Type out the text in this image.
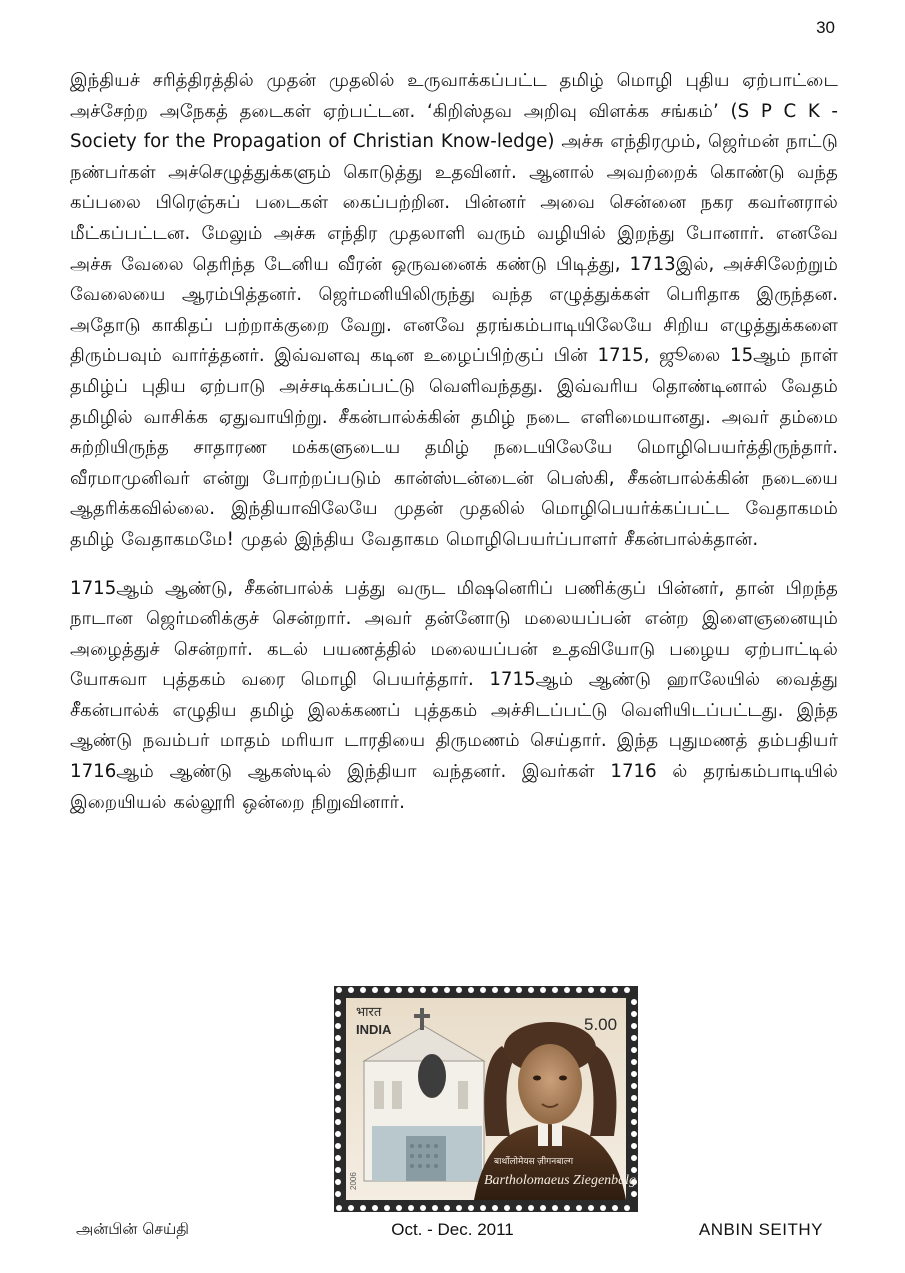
30

இந்தியச் சரித்திரத்தில் முதன் முதலில் உருவாக்கப்பட்ட தமிழ் மொழி புதிய ஏற்பாட்டை அச்சேற்ற அநேகத் தடைகள் ஏற்பட்டன. ‘கிறிஸ்தவ அறிவு விளக்க சங்கம்’ (S P C K - Society for the Propagation of Christian Know-ledge) அச்சு எந்திரமும், ஜெர்மன் நாட்டு நண்பர்கள் அச்செழுத்துக்களும் கொடுத்து உதவினர். ஆனால் அவற்றைக் கொண்டு வந்த கப்பலை பிரெஞ்சுப் படைகள் கைப்பற்றின. பின்னர் அவை சென்னை நகர கவர்னரால் மீட்கப்பட்டன. மேலும் அச்சு எந்திர முதலாளி வரும் வழியில் இறந்து போனார். எனவே அச்சு வேலை தெரிந்த டேனிய வீரன் ஒருவனைக் கண்டு பிடித்து, 1713இல், அச்சிலேற்றும் வேலையை ஆரம்பித்தனர். ஜெர்மனியிலிருந்து வந்த எழுத்துக்கள் பெரிதாக இருந்தன. அதோடு காகிதப் பற்றாக்குறை வேறு. எனவே தரங்கம்பாடியிலேயே சிறிய எழுத்துக்களை திரும்பவும் வார்த்தனர். இவ்வளவு கடின உழைப்பிற்குப் பின் 1715, ஜூலை 15ஆம் நாள் தமிழ்ப் புதிய ஏற்பாடு அச்சடிக்கப்பட்டு வெளிவந்தது. இவ்வரிய தொண்டினால் வேதம் தமிழில் வாசிக்க ஏதுவாயிற்று. சீகன்பால்க்கின் தமிழ் நடை எளிமையானது. அவர் தம்மை சுற்றியிருந்த சாதாரண மக்களுடைய தமிழ் நடையிலேயே மொழிபெயர்த்திருந்தார். வீரமாமுனிவர் என்று போற்றப்படும் கான்ஸ்டன்டைன் பெஸ்கி, சீகன்பால்க்கின் நடையை ஆதரிக்கவில்லை. இந்தியாவிலேயே முதன் முதலில் மொழிபெயர்க்கப்பட்ட வேதாகமம் தமிழ் வேதாகமமே! முதல் இந்திய வேதாகம மொழிபெயர்ப்பாளர் சீகன்பால்க்தான்.

1715ஆம் ஆண்டு, சீகன்பால்க் பத்து வருட மிஷனெரிப் பணிக்குப் பின்னர், தான் பிறந்த நாடான ஜெர்மனிக்குச் சென்றார். அவர் தன்னோடு மலையப்பன் என்ற இளைஞனையும் அழைத்துச் சென்றார். கடல் பயணத்தில் மலையப்பன் உதவியோடு பழைய ஏற்பாட்டில் யோசுவா புத்தகம் வரை மொழி பெயர்த்தார். 1715ஆம் ஆண்டு ஹாலேயில் வைத்து சீகன்பால்க் எழுதிய தமிழ் இலக்கணப் புத்தகம் அச்சிடப்பட்டு வெளியிடப்பட்டது. இந்த ஆண்டு நவம்பர் மாதம் மரியா டாரதியை திருமணம் செய்தார். இந்த புதுமணத் தம்பதியர் 1716ஆம் ஆண்டு ஆகஸ்டில் இந்தியா வந்தனர். இவர்கள் 1716 ல் தரங்கம்பாடியில் இறையியல் கல்லூரி ஒன்றை நிறுவினார்.

भारत
INDIA	5.00
2006
बार्थोलोमेयस ज़ीगनबाल्ग
Bartholomaeus Ziegenbalg
அன்பின் செய்தி	Oct. - Dec. 2011	ANBIN SEITHY
